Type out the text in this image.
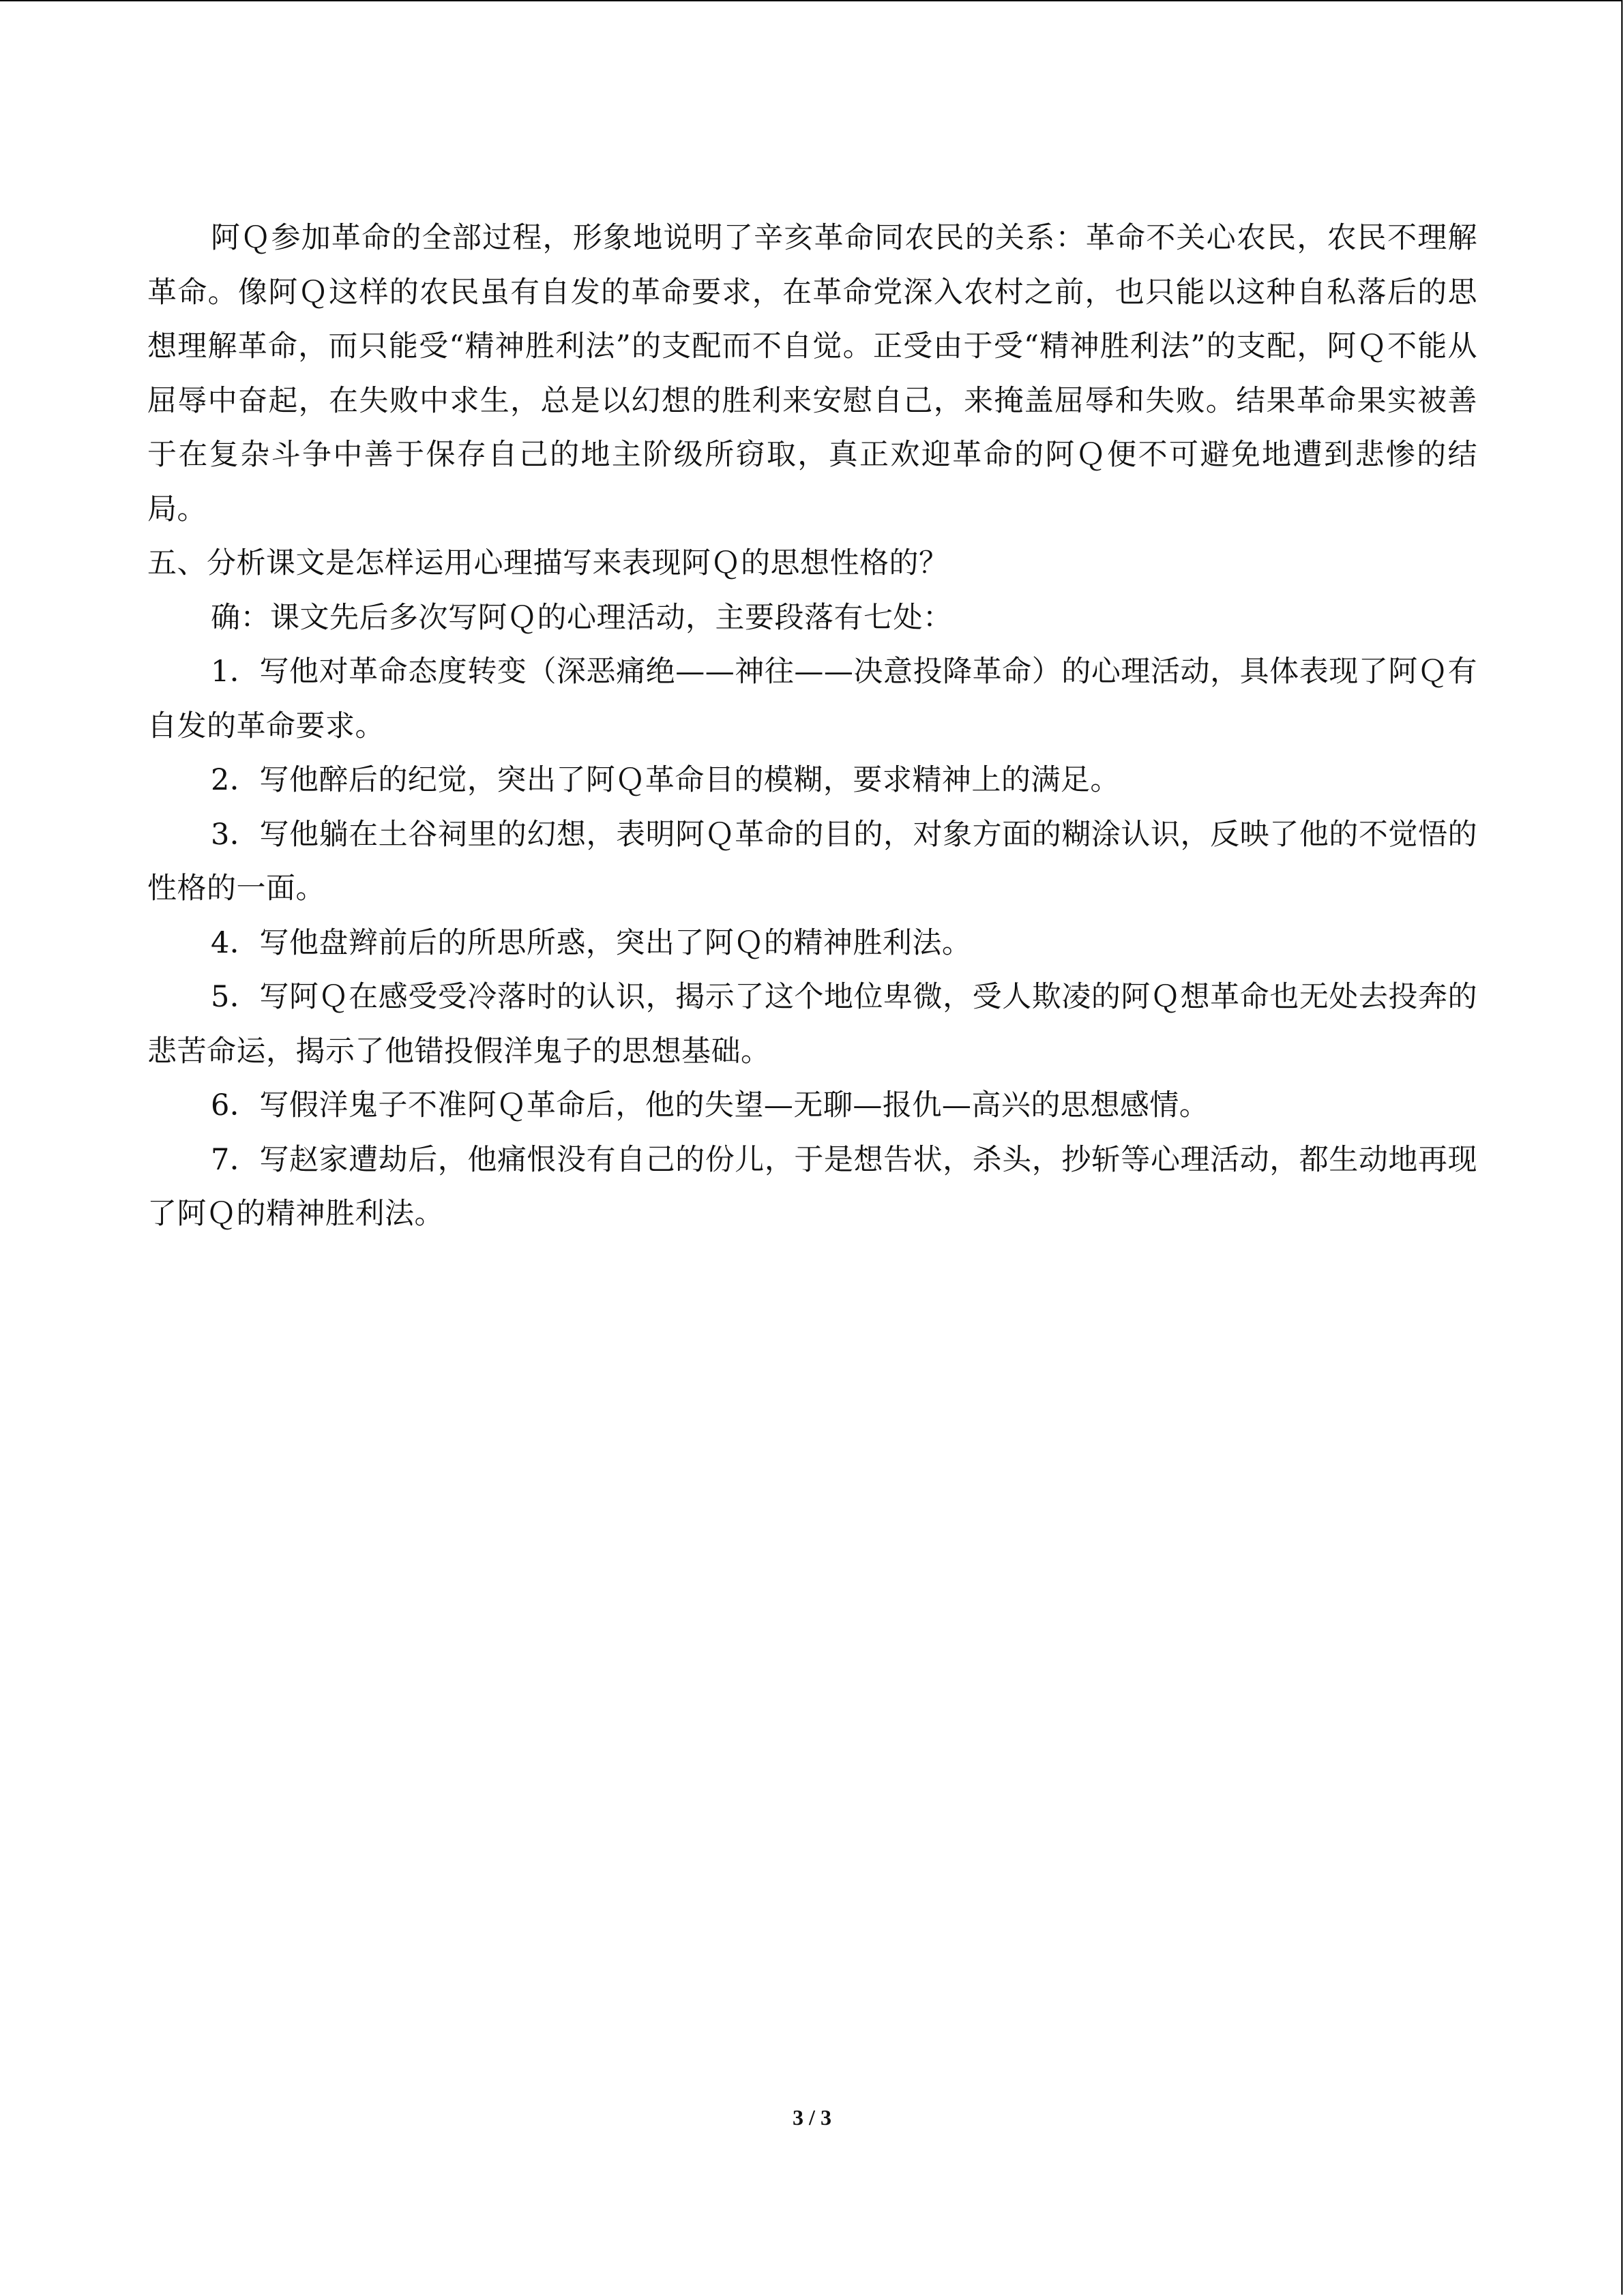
阿Ｑ参加革命的全部过程，形象地说明了辛亥革命同农民的关系：革命不关心农民，农民不理解革命。像阿Ｑ这样的农民虽有自发的革命要求，在革命党深入农村之前，也只能以这种自私落后的思想理解革命，而只能受“精神胜利法”的支配而不自觉。正受由于受“精神胜利法”的支配，阿Ｑ不能从屈辱中奋起，在失败中求生，总是以幻想的胜利来安慰自己，来掩盖屈辱和失败。结果革命果实被善于在复杂斗争中善于保存自己的地主阶级所窃取，真正欢迎革命的阿Ｑ便不可避免地遭到悲惨的结局。

五、分析课文是怎样运用心理描写来表现阿Ｑ的思想性格的？

确：课文先后多次写阿Ｑ的心理活动，主要段落有七处：

1．写他对革命态度转变（深恶痛绝——神往——决意投降革命）的心理活动，具体表现了阿Ｑ有自发的革命要求。

2．写他醉后的纪觉，突出了阿Ｑ革命目的模糊，要求精神上的满足。

3．写他躺在土谷祠里的幻想，表明阿Ｑ革命的目的，对象方面的糊涂认识，反映了他的不觉悟的性格的一面。

4．写他盘辫前后的所思所惑，突出了阿Ｑ的精神胜利法。

5．写阿Ｑ在感受受冷落时的认识，揭示了这个地位卑微，受人欺凌的阿Ｑ想革命也无处去投奔的悲苦命运，揭示了他错投假洋鬼子的思想基础。

6．写假洋鬼子不准阿Ｑ革命后，他的失望—无聊—报仇—高兴的思想感情。

7．写赵家遭劫后，他痛恨没有自己的份儿，于是想告状，杀头，抄斩等心理活动，都生动地再现了阿Ｑ的精神胜利法。

3 / 3
